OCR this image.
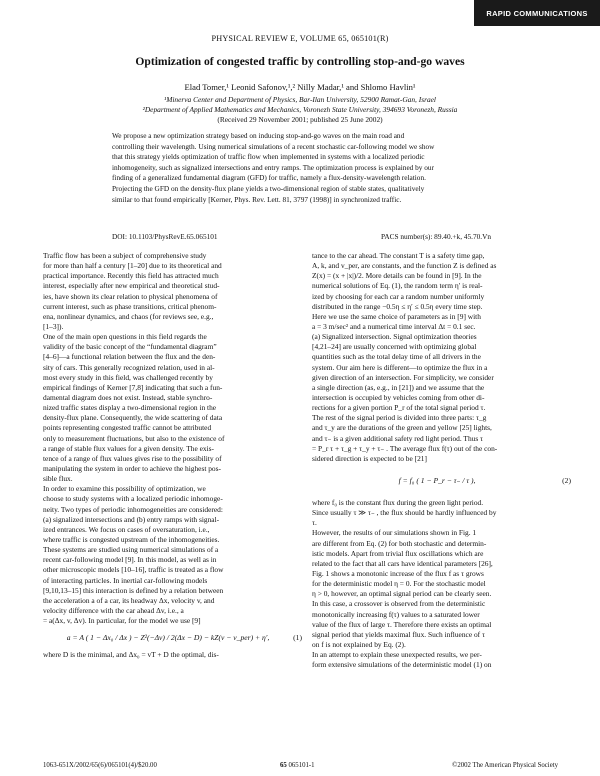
RAPID COMMUNICATIONS
PHYSICAL REVIEW E, VOLUME 65, 065101(R)
Optimization of congested traffic by controlling stop-and-go waves
Elad Tomer,¹ Leonid Safonov,¹,² Nilly Madar,¹ and Shlomo Havlin¹
¹Minerva Center and Department of Physics, Bar-Ilan University, 52900 Ramat-Gan, Israel
²Department of Applied Mathematics and Mechanics, Voronezh State University, 394693 Voronezh, Russia
(Received 29 November 2001; published 25 June 2002)
We propose a new optimization strategy based on inducing stop-and-go waves on the main road and
controlling their wavelength. Using numerical simulations of a recent stochastic car-following model we show
that this strategy yields optimization of traffic flow when implemented in systems with a localized periodic
inhomogeneity, such as signalized intersections and entry ramps. The optimization process is explained by our
finding of a generalized fundamental diagram (GFD) for traffic, namely a flux-density-wavelength relation.
Projecting the GFD on the density-flux plane yields a two-dimensional region of stable states, qualitatively
similar to that found empirically [Kerner, Phys. Rev. Lett. 81, 3797 (1998)] in synchronized traffic.
DOI: 10.1103/PhysRevE.65.065101	PACS number(s): 89.40.+k, 45.70.Vn
Traffic flow has been a subject of comprehensive study
for more than half a century [1–20] due to its theoretical and
practical importance. Recently this field has attracted much
interest, especially after new empirical and theoretical stud-
ies, have shown its clear relation to physical phenomena of
current interest, such as phase transitions, critical phenom-
ena, nonlinear dynamics, and chaos (for reviews see, e.g.,
[1–3]).
One of the main open questions in this field regards the
validity of the basic concept of the “fundamental diagram”
[4–6]—a functional relation between the flux and the den-
sity of cars. This generally recognized relation, used in al-
most every study in this field, was challenged recently by
empirical findings of Kerner [7,8] indicating that such a fun-
damental diagram does not exist. Instead, stable synchro-
nized traffic states display a two-dimensional region in the
density-flux plane. Consequently, the wide scattering of data
points representing congested traffic cannot be attributed
only to measurement fluctuations, but also to the existence of
a range of stable flux values for a given density. The exis-
tence of a range of flux values gives rise to the possibility of
manipulating the system in order to achieve the highest pos-
sible flux.
In order to examine this possibility of optimization, we
choose to study systems with a localized periodic inhomoge-
neity. Two types of periodic inhomogeneities are considered:
(a) signalized intersections and (b) entry ramps with signal-
ized entrances. We focus on cases of oversaturation, i.e.,
where traffic is congested upstream of the inhomogeneities.
These systems are studied using numerical simulations of a
recent car-following model [9]. In this model, as well as in
other microscopic models [10–16], traffic is treated as a flow
of interacting particles. In inertial car-following models
[9,10,13–15] this interaction is defined by a relation between
the acceleration a of a car, its headway Δx, velocity v, and
velocity difference with the car ahead Δv, i.e., a
= a(Δx, v, Δv). In particular, for the model we use [9]
a = A ( 1 − Δx₀ / Δx ) − Z²(−Δv) / 2(Δx − D) − kZ(v − v_per) + η′,	(1)
where D is the minimal, and Δx₀ = vT + D the optimal, dis-
tance to the car ahead. The constant T is a safety time gap,
A, k, and v_per, are constants, and the function Z is defined as
Z(x) = (x + |x|)/2. More details can be found in [9]. In the
numerical solutions of Eq. (1), the random term η′ is real-
ized by choosing for each car a random number uniformly
distributed in the range −0.5η ≤ η′ ≤ 0.5η every time step.
Here we use the same choice of parameters as in [9] with
a = 3 m/sec² and a numerical time interval Δt = 0.1 sec.
(a) Signalized intersection. Signal optimization theories
[4,21–24] are usually concerned with optimizing global
quantities such as the total delay time of all drivers in the
system. Our aim here is different—to optimize the flux in a
given direction of an intersection. For simplicity, we consider
a single direction (as, e.g., in [21]) and we assume that the
intersection is occupied by vehicles coming from other di-
rections for a given portion P_r of the total signal period τ.
The rest of the signal period is divided into three parts: τ_g
and τ_y are the durations of the green and yellow [25] lights,
and τ₋ is a given additional safety red light period. Thus τ
= P_r τ + τ_g + τ_y + τ₋ . The average flux f(τ) out of the con-
sidered direction is expected to be [21]
f = f₀ ( 1 − P_r − τ₋ / τ ),	(2)
where f₀ is the constant flux during the green light period.
Since usually τ ≫ τ₋ , the flux should be hardly influenced by
τ.
However, the results of our simulations shown in Fig. 1
are different from Eq. (2) for both stochastic and determin-
istic models. Apart from trivial flux oscillations which are
related to the fact that all cars have identical parameters [26],
Fig. 1 shows a monotonic increase of the flux f as τ grows
for the deterministic model η = 0. For the stochastic model
η > 0, however, an optimal signal period can be clearly seen.
In this case, a crossover is observed from the deterministic
monotonically increasing f(τ) values to a saturated lower
value of the flux of large τ. Therefore there exists an optimal
signal period that yields maximal flux. Such influence of τ
on f is not explained by Eq. (2).
In an attempt to explain these unexpected results, we per-
form extensive simulations of the deterministic model (1) on
1063-651X/2002/65(6)/065101(4)/$20.00	65 065101-1	©2002 The American Physical Society
